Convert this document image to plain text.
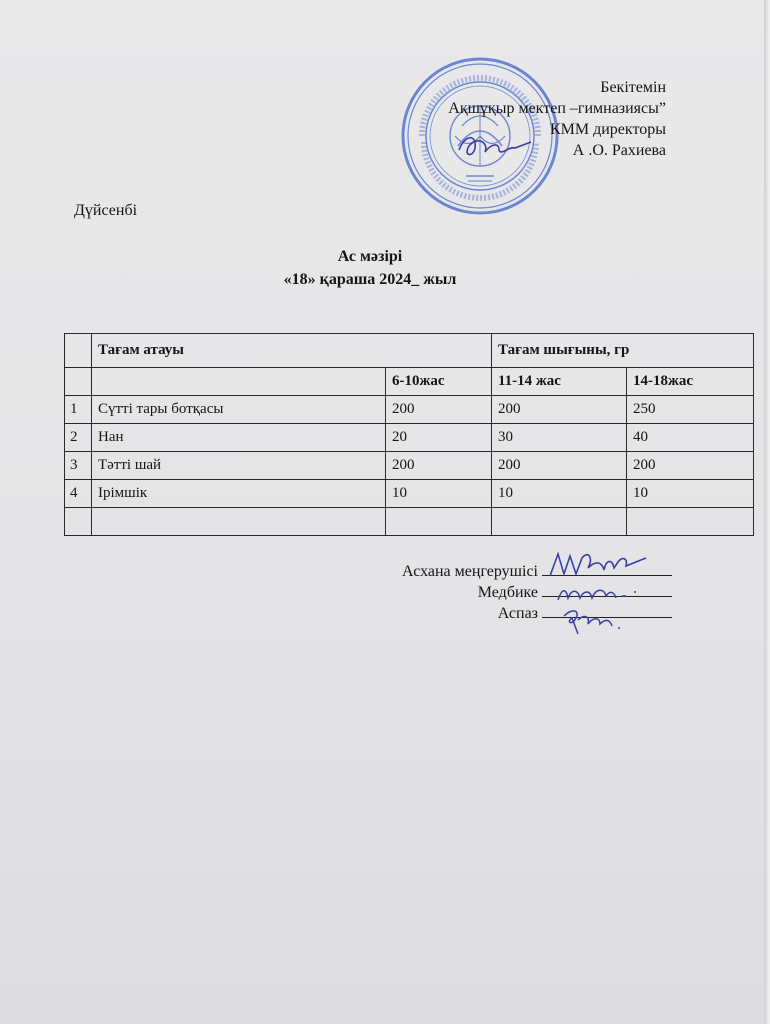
Бекітемін
Ақшұқыр мектеп –гимназиясы”
КММ директоры
А .О. Рахиева
Дүйсенбі
Ас мәзірі
«18» қараша 2024_ жыл
	Тағам атауы		Тағам шығыны, гр	
		6-10жас	11-14 жас	14-18жас
1	Сүтті тары ботқасы	200	200	250
2	Нан	20	30	40
3	Тәтті шай	200	200	200
4	Ірімшік	10	10	10

Асхана меңгерушісі
Медбике
Аспаз
